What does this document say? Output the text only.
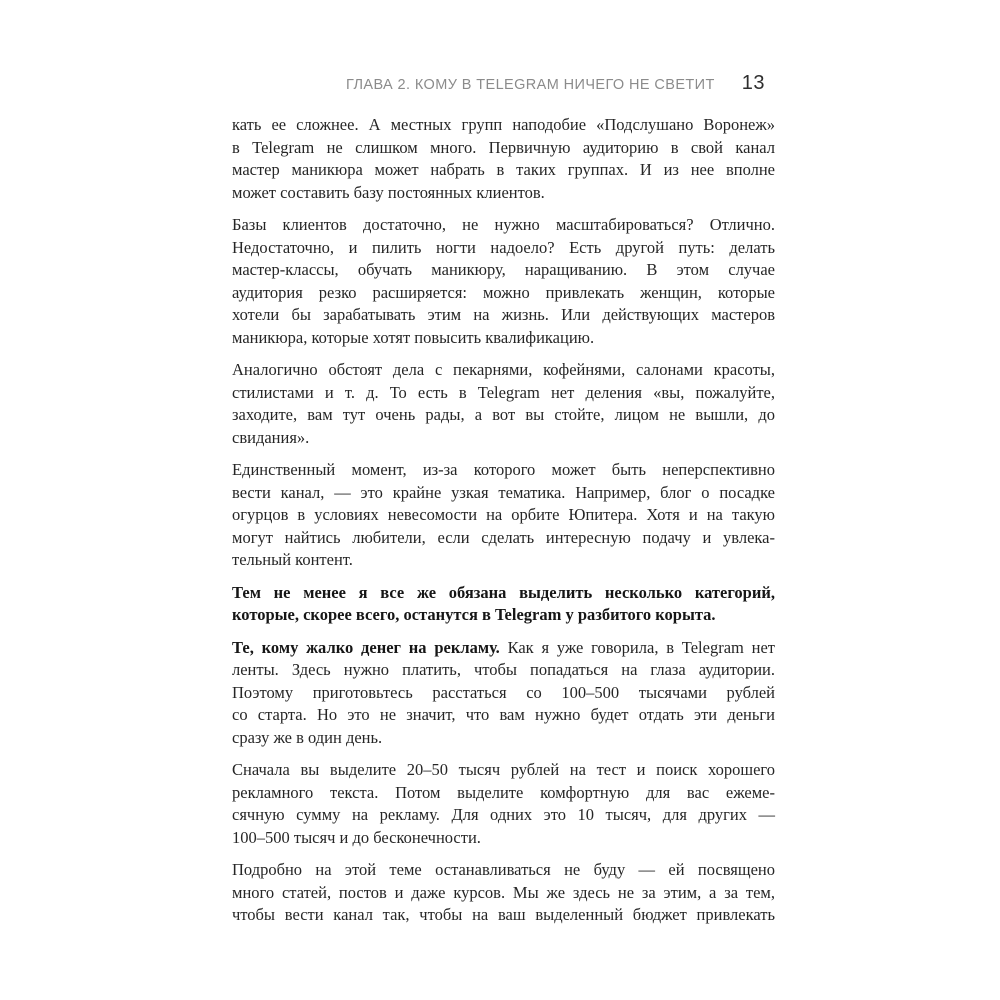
ГЛАВА 2. КОМУ В TELEGRAM НИЧЕГО НЕ СВЕТИТ 13
кать ее сложнее. А местных групп наподобие «Подслушано Воронеж»
в Telegram не слишком много. Первичную аудиторию в свой канал
мастер маникюра может набрать в таких группах. И из нее вполне
может составить базу постоянных клиентов.
Базы клиентов достаточно, не нужно масштабироваться? Отлично.
Недостаточно, и пилить ногти надоело? Есть другой путь: делать
мастер-классы, обучать маникюру, наращиванию. В этом случае
аудитория резко расширяется: можно привлекать женщин, которые
хотели бы зарабатывать этим на жизнь. Или действующих мастеров
маникюра, которые хотят повысить квалификацию.
Аналогично обстоят дела с пекарнями, кофейнями, салонами красоты,
стилистами и т. д. То есть в Telegram нет деления «вы, пожалуйте,
заходите, вам тут очень рады, а вот вы стойте, лицом не вышли, до
свидания».
Единственный момент, из-за которого может быть неперспективно
вести канал, — это крайне узкая тематика. Например, блог о посадке
огурцов в условиях невесомости на орбите Юпитера. Хотя и на такую
могут найтись любители, если сделать интересную подачу и увлека-
тельный контент.
Тем не менее я все же обязана выделить несколько категорий,
которые, скорее всего, останутся в Telegram у разбитого корыта.
Те, кому жалко денег на рекламу. Как я уже говорила, в Telegram нет
ленты. Здесь нужно платить, чтобы попадаться на глаза аудитории.
Поэтому приготовьтесь расстаться со 100–500 тысячами рублей
со старта. Но это не значит, что вам нужно будет отдать эти деньги
сразу же в один день.
Сначала вы выделите 20–50 тысяч рублей на тест и поиск хорошего
рекламного текста. Потом выделите комфортную для вас ежеме-
сячную сумму на рекламу. Для одних это 10 тысяч, для других —
100–500 тысяч и до бесконечности.
Подробно на этой теме останавливаться не буду — ей посвящено
много статей, постов и даже курсов. Мы же здесь не за этим, а за тем,
чтобы вести канал так, чтобы на ваш выделенный бюджет привлекать
